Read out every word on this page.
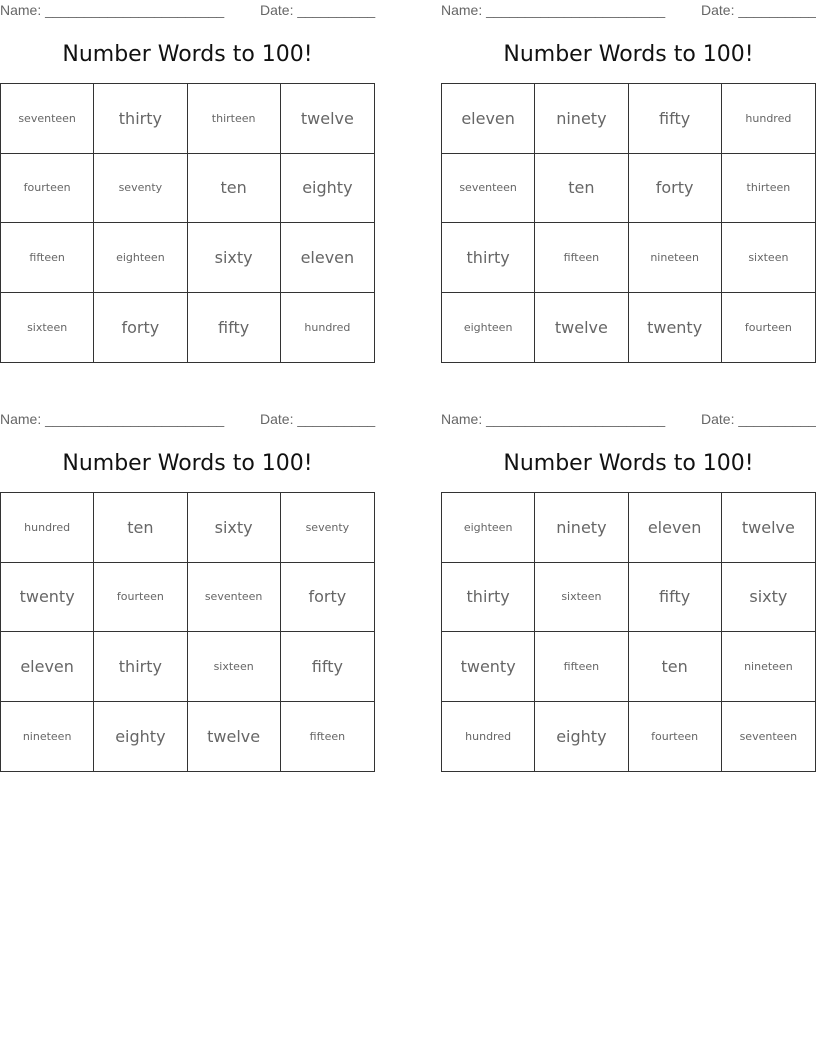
Name: _______________________	Date: __________
Number Words to 100!
seventeen	thirty	thirteen	twelve
fourteen	seventy	ten	eighty
fifteen	eighteen	sixty	eleven
sixteen	forty	fifty	hundred
Name: _______________________	Date: __________
Number Words to 100!
eleven	ninety	fifty	hundred
seventeen	ten	forty	thirteen
thirty	fifteen	nineteen	sixteen
eighteen	twelve	twenty	fourteen
Name: _______________________	Date: __________
Number Words to 100!
hundred	ten	sixty	seventy
twenty	fourteen	seventeen	forty
eleven	thirty	sixteen	fifty
nineteen	eighty	twelve	fifteen
Name: _______________________	Date: __________
Number Words to 100!
eighteen	ninety	eleven	twelve
thirty	sixteen	fifty	sixty
twenty	fifteen	ten	nineteen
hundred	eighty	fourteen	seventeen
